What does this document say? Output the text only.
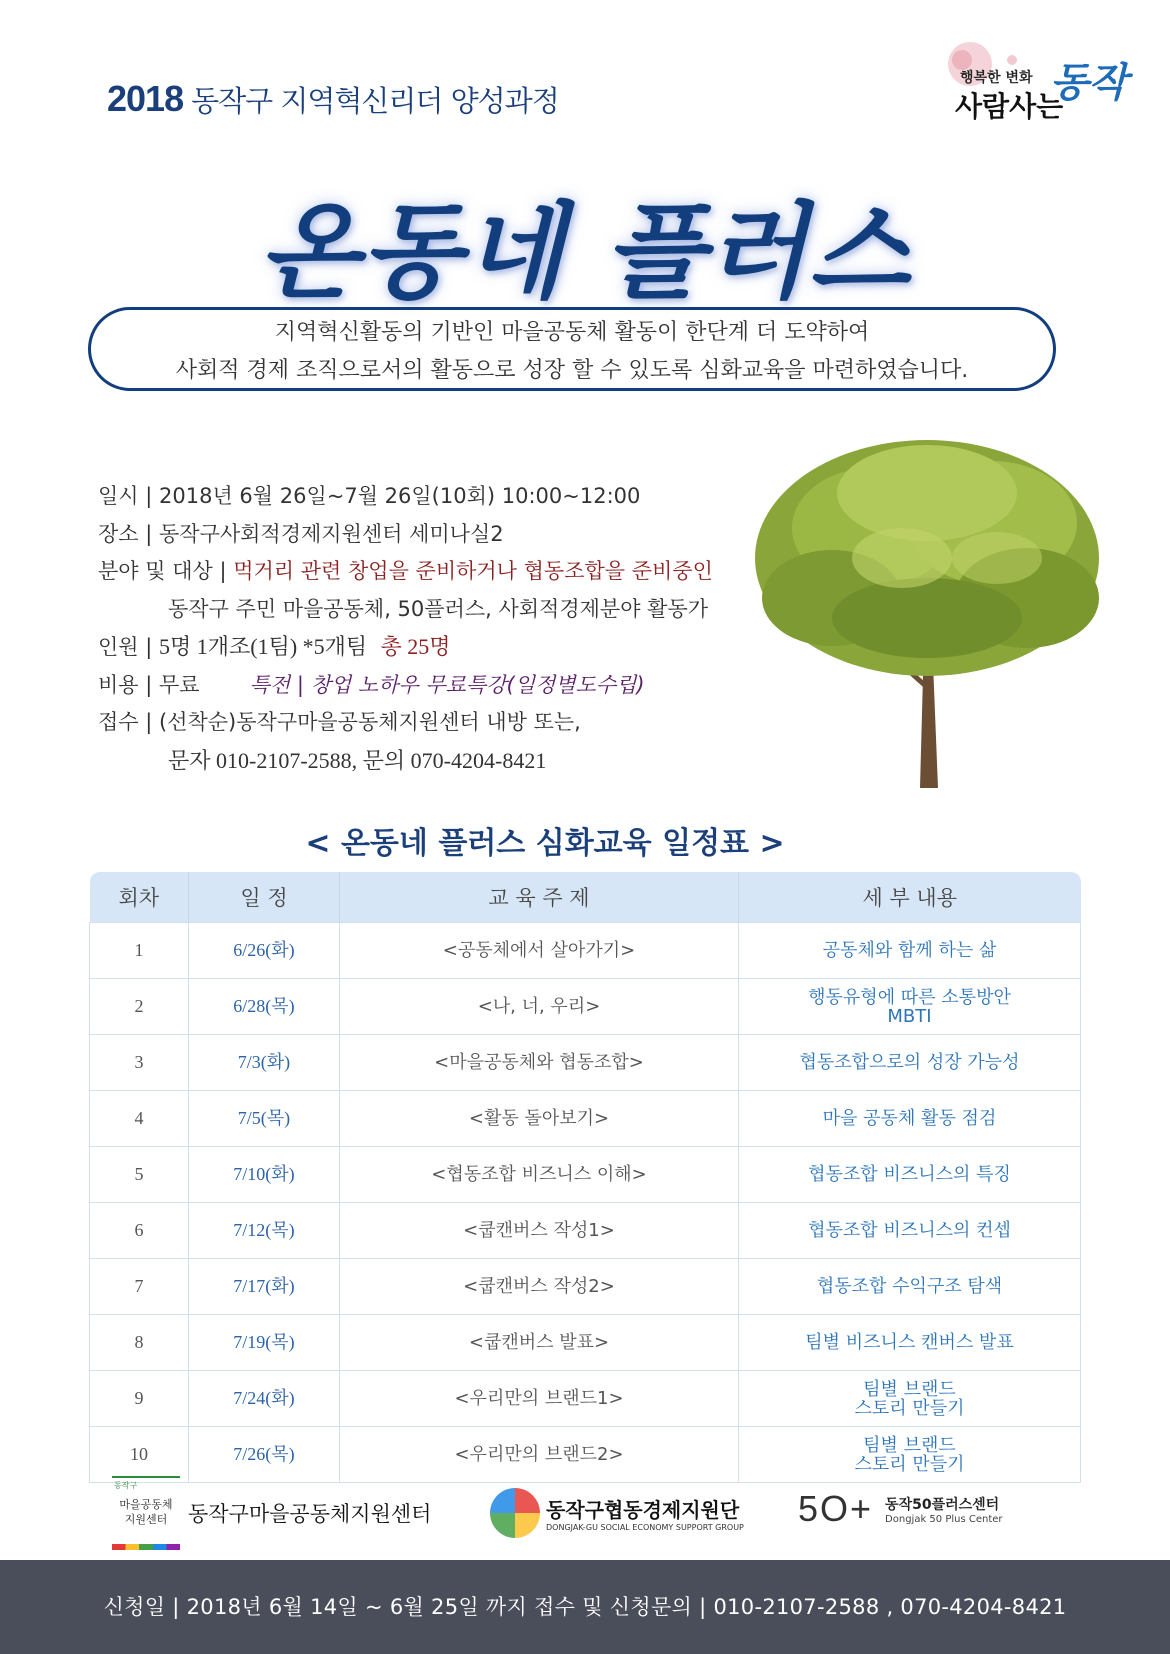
2018 동작구 지역혁신리더 양성과정
행복한 변화
사람사는
동작
온동네 플러스
지역혁신활동의 기반인 마을공동체 활동이 한단계 더 도약하여
사회적 경제 조직으로서의 활동으로 성장 할 수 있도록 심화교육을 마련하였습니다.
일시 | 2018년 6월 26일~7월 26일(10회) 10:00~12:00
장소 | 동작구사회적경제지원센터 세미나실2
분야 및 대상 | 먹거리 관련 창업을 준비하거나 협동조합을 준비중인
동작구 주민 마을공동체, 50플러스, 사회적경제분야 활동가
인원 | 5명 1개조(1팀) *5개팀 총 25명
비용 | 무료 특전 | 창업 노하우 무료특강(일정별도수립)
접수 | (선착순)동작구마을공동체지원센터 내방 또는,
문자 010-2107-2588, 문의 070-4204-8421
< 온동네 플러스 심화교육 일정표 >
회차	일 정	교 육 주 제	세 부 내용
1	6/26(화)	<공동체에서 살아가기>	공동체와 함께 하는 삶
2	6/28(목)	<나, 너, 우리>	행동유형에 따른 소통방안
MBTI
3	7/3(화)	<마을공동체와 협동조합>	협동조합으로의 성장 가능성
4	7/5(목)	<활동 돌아보기>	마을 공동체 활동 점검
5	7/10(화)	<협동조합 비즈니스 이해>	협동조합 비즈니스의 특징
6	7/12(목)	<쿱캔버스 작성1>	협동조합 비즈니스의 컨셉
7	7/17(화)	<쿱캔버스 작성2>	협동조합 수익구조 탐색
8	7/19(목)	<쿱캔버스 발표>	팀별 비즈니스 캔버스 발표
9	7/24(화)	<우리만의 브랜드1>	팀별 브랜드
스토리 만들기
10	7/26(목)	<우리만의 브랜드2>	팀별 브랜드
스토리 만들기
동작구
마을공동체
지원센터 동작구마을공동체지원센터	동작구협동경제지원단
DONGJAK-GU SOCIAL ECONOMY SUPPORT GROUP 5O+ 동작50플러스센터
Dongjak 50 Plus Center
신청일 | 2018년 6월 14일 ~ 6월 25일 까지 접수 및 신청문의 | 010-2107-2588 , 070-4204-8421
